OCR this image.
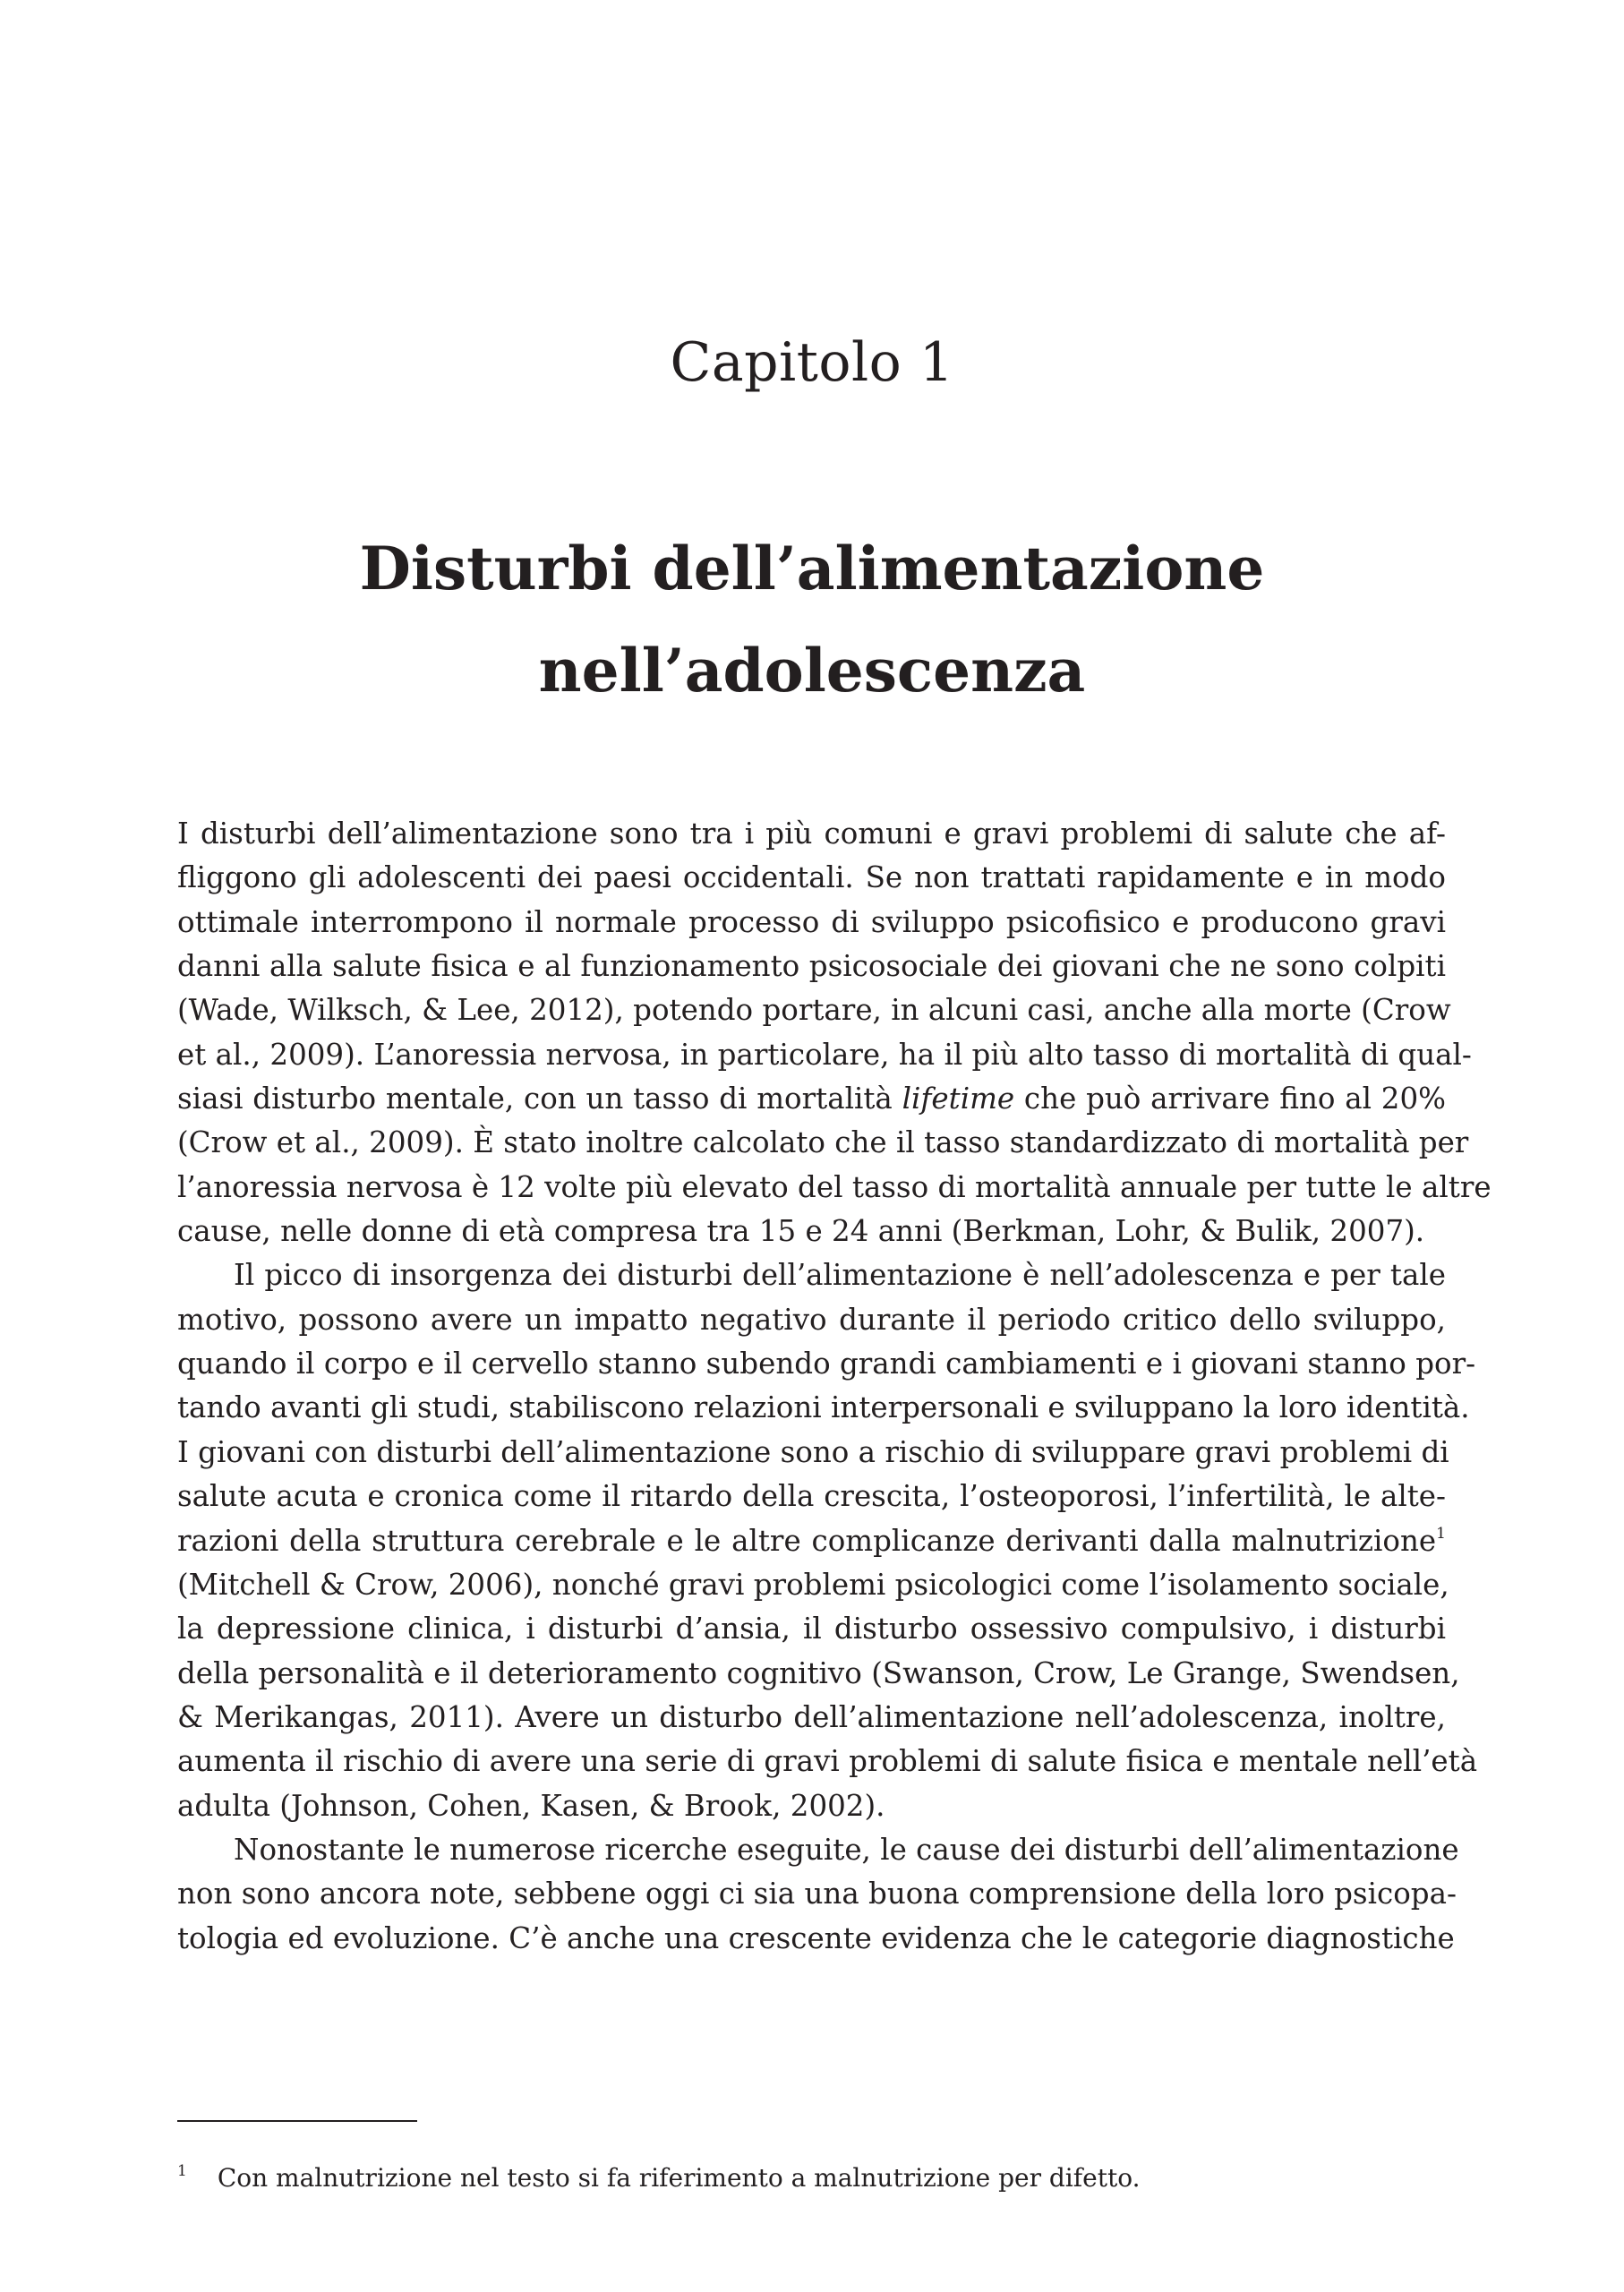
Capitolo 1
Disturbi dell’alimentazione
nell’adolescenza
I disturbi dell’alimentazione sono tra i più comuni e gravi problemi di salute che af-
fliggono gli adolescenti dei paesi occidentali. Se non trattati rapidamente e in modo
ottimale interrompono il normale processo di sviluppo psicofisico e producono gravi
danni alla salute fisica e al funzionamento psicosociale dei giovani che ne sono colpiti
(Wade, Wilksch, & Lee, 2012), potendo portare, in alcuni casi, anche alla morte (Crow
et al., 2009). L’anoressia nervosa, in particolare, ha il più alto tasso di mortalità di qual-
siasi disturbo mentale, con un tasso di mortalità lifetime che può arrivare fino al 20%
(Crow et al., 2009). È stato inoltre calcolato che il tasso standardizzato di mortalità per
l’anoressia nervosa è 12 volte più elevato del tasso di mortalità annuale per tutte le altre
cause, nelle donne di età compresa tra 15 e 24 anni (Berkman, Lohr, & Bulik, 2007).
Il picco di insorgenza dei disturbi dell’alimentazione è nell’adolescenza e per tale
motivo, possono avere un impatto negativo durante il periodo critico dello sviluppo,
quando il corpo e il cervello stanno subendo grandi cambiamenti e i giovani stanno por-
tando avanti gli studi, stabiliscono relazioni interpersonali e sviluppano la loro identità.
I giovani con disturbi dell’alimentazione sono a rischio di sviluppare gravi problemi di
salute acuta e cronica come il ritardo della crescita, l’osteoporosi, l’infertilità, le alte-
razioni della struttura cerebrale e le altre complicanze derivanti dalla malnutrizione$^1$
(Mitchell & Crow, 2006), nonché gravi problemi psicologici come l’isolamento sociale,
la depressione clinica, i disturbi d’ansia, il disturbo ossessivo compulsivo, i disturbi
della personalità e il deterioramento cognitivo (Swanson, Crow, Le Grange, Swendsen,
& Merikangas, 2011). Avere un disturbo dell’alimentazione nell’adolescenza, inoltre,
aumenta il rischio di avere una serie di gravi problemi di salute fisica e mentale nell’età
adulta (Johnson, Cohen, Kasen, & Brook, 2002).
Nonostante le numerose ricerche eseguite, le cause dei disturbi dell’alimentazione
non sono ancora note, sebbene oggi ci sia una buona comprensione della loro psicopa-
tologia ed evoluzione. C’è anche una crescente evidenza che le categorie diagnostiche
$^1$ Con malnutrizione nel testo si fa riferimento a malnutrizione per difetto.
